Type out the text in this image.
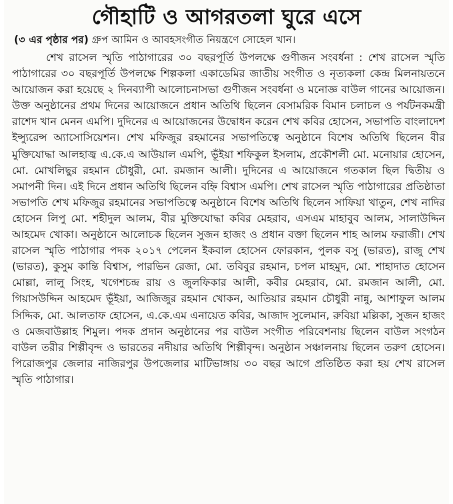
গৌহাটি ও আগরতলা ঘুরে এসে
(৩ এর পৃষ্ঠার পর) গ্রুপ আমিন ও আবহসংগীত নিয়ন্ত্রণে সোহেল খান।
শেখ রাসেল স্মৃতি পাঠাগারের ৩০ বছরপূর্তি উপলক্ষে গুণীজন সংবর্ধনা : শেখ রাসেল স্মৃতি পাঠাগারের ৩০ বছরপূর্তি উপলক্ষে শিল্পকলা একাডেমির জাতীয় সংগীত ও নৃত্যকলা কেন্দ্র মিলনায়তনে আয়োজন করা হয়েছে ২ দিনব্যাপী আলোচনাসভা গুণীজন সংবর্ধনা ও মনোজ্ঞ বাউল গানের আয়োজন। উক্ত অনুষ্ঠানের প্রথম দিনের আয়োজনে প্রধান অতিথি ছিলেন বেসামরিক বিমান চলাচল ও পর্যটনকমন্ত্রী রাশেদ খান মেনন এমপি। দুদিনের এ আয়োজনের উদ্বোধন করেন শেখ কবির হোসেন, সভাপতি বাংলাদেশ ইন্স্যুরেন্স অ্যাসোসিয়েশন। শেখ মফিজুর রহমানের সভাপতিত্বে অনুষ্ঠানে বিশেষ অতিথি ছিলেন বীর মুক্তিযোদ্ধা আলহাজ্ব এ.কে.এ আউয়াল এমপি, ভূঁইয়া শফিকুল ইসলাম, প্রকৌশলী মো. মনোয়ার হোসেন, মো. মোখলিছুর রহমান চৌধুরী, মো. রমজান আলী। দুদিনের এ আয়োজনে গতকাল ছিল দ্বিতীয় ও সমাপনী দিন। এই দিনে প্রধান অতিথি ছিলেন বহ্নি বিশ্বাস এমপি। শেখ রাসেল স্মৃতি পাঠাগারের প্রতিষ্ঠাতা সভাপতি শেখ মফিজুর রহমানের সভাপতিত্বে অনুষ্ঠানে বিশেষ অতিথি ছিলেন সাফিয়া খাতুন, শেখ নাদির হোসেন লিপু মো. শহীদুল আলম, বীর মুক্তিযোদ্ধা কবির মেহরাব, এসএম মাহাবুব আলম, সালাউদ্দিন আহমেদ খোকা। অনুষ্ঠানে আলোচক ছিলেন সুজন হাজং ও প্রধান বক্তা ছিলেন শাহ আলম ফরাজী। শেখ রাসেল স্মৃতি পাঠাগার পদক ২০১৭ পেলেন ইকবাল হোসেন ফোরকান, পুলক বসু (ভারত), রাজু শেখ (ভারত), কুসুম কান্তি বিশ্বাস, পারভিন রেজা, মো. তবিবুর রহমান, চপল মাহমুদ, মো. শাহাদাত হোসেন মোল্লা, লালু সিংহ, খগেশচন্দ্র রায় ও জুলফিকার আলী, কবীর মেহরাব, মো. রমজান আলী, মো. গিয়াসউদ্দিন আহমেদ ভূঁইয়া, আজিজুর রহমান খোকন, আতিয়ার রহমান চৌধুরী নান্নু, আশাফুল আলম সিদ্দিক, মো. আলতাফ হোসেন, এ.কে.এম এনায়েত কবির, আজাদ সুলেমান, রুবিয়া মল্লিকা, সুজন হাজং ও মেজবাউল্লাহ শিমুল। পদক প্রদান অনুষ্ঠানের পর বাউল সংগীত পরিবেশনায় ছিলেন বাউল সংগঠন বাউল তরীর শিল্পীবৃন্দ ও ভারতের নদীয়ার অতিথি শিল্পীবৃন্দ। অনুষ্ঠান সঞ্চালনায় ছিলেন তরুণ হোসেন। পিরোজপুর জেলার নাজিরপুর উপজেলার মাটিভাঙ্গায় ৩০ বছর আগে প্রতিষ্ঠিত করা হয় শেখ রাসেল স্মৃতি পাঠাগার।
